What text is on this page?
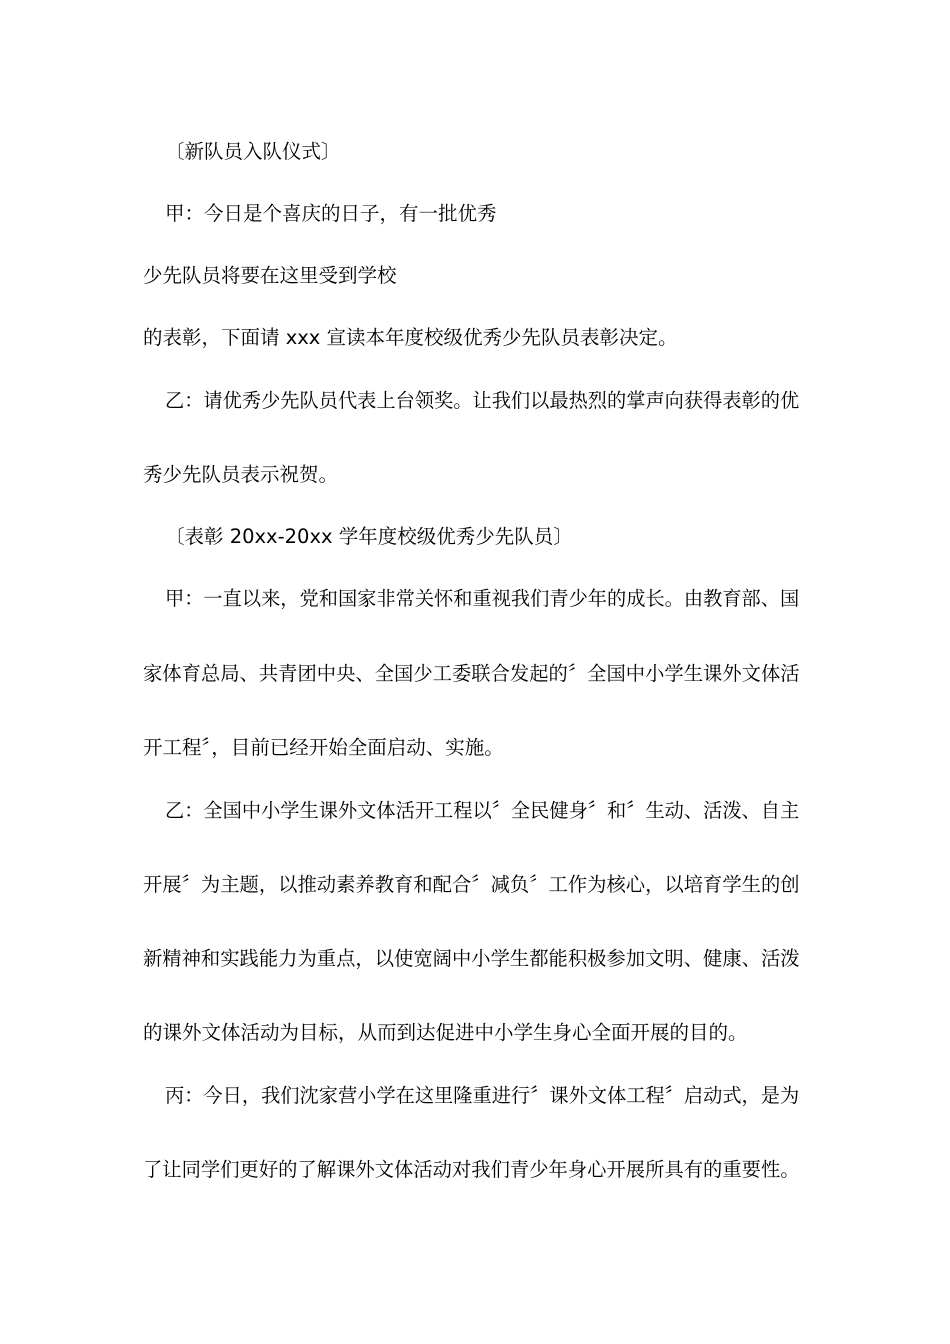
〔新队员入队仪式〕
甲：今日是个喜庆的日子，有一批优秀
少先队员将要在这里受到学校
的表彰，下面请 xxx 宣读本年度校级优秀少先队员表彰决定。
乙：请优秀少先队员代表上台领奖。让我们以最热烈的掌声向获得表彰的优
秀少先队员表示祝贺。
〔表彰 20xx-20xx 学年度校级优秀少先队员〕
甲：一直以来，党和国家非常关怀和重视我们青少年的成长。由教育部、国
家体育总局、共青团中央、全国少工委联合发起的〞全国中小学生课外文体活
开工程〞，目前已经开始全面启动、实施。
乙：全国中小学生课外文体活开工程以〞全民健身〞和〞生动、活泼、自主
开展〞为主题，以推动素养教育和配合〞减负〞工作为核心，以培育学生的创
新精神和实践能力为重点，以使宽阔中小学生都能积极参加文明、健康、活泼
的课外文体活动为目标，从而到达促进中小学生身心全面开展的目的。
丙：今日，我们沈家营小学在这里隆重进行〞课外文体工程〞启动式，是为
了让同学们更好的了解课外文体活动对我们青少年身心开展所具有的重要性。
